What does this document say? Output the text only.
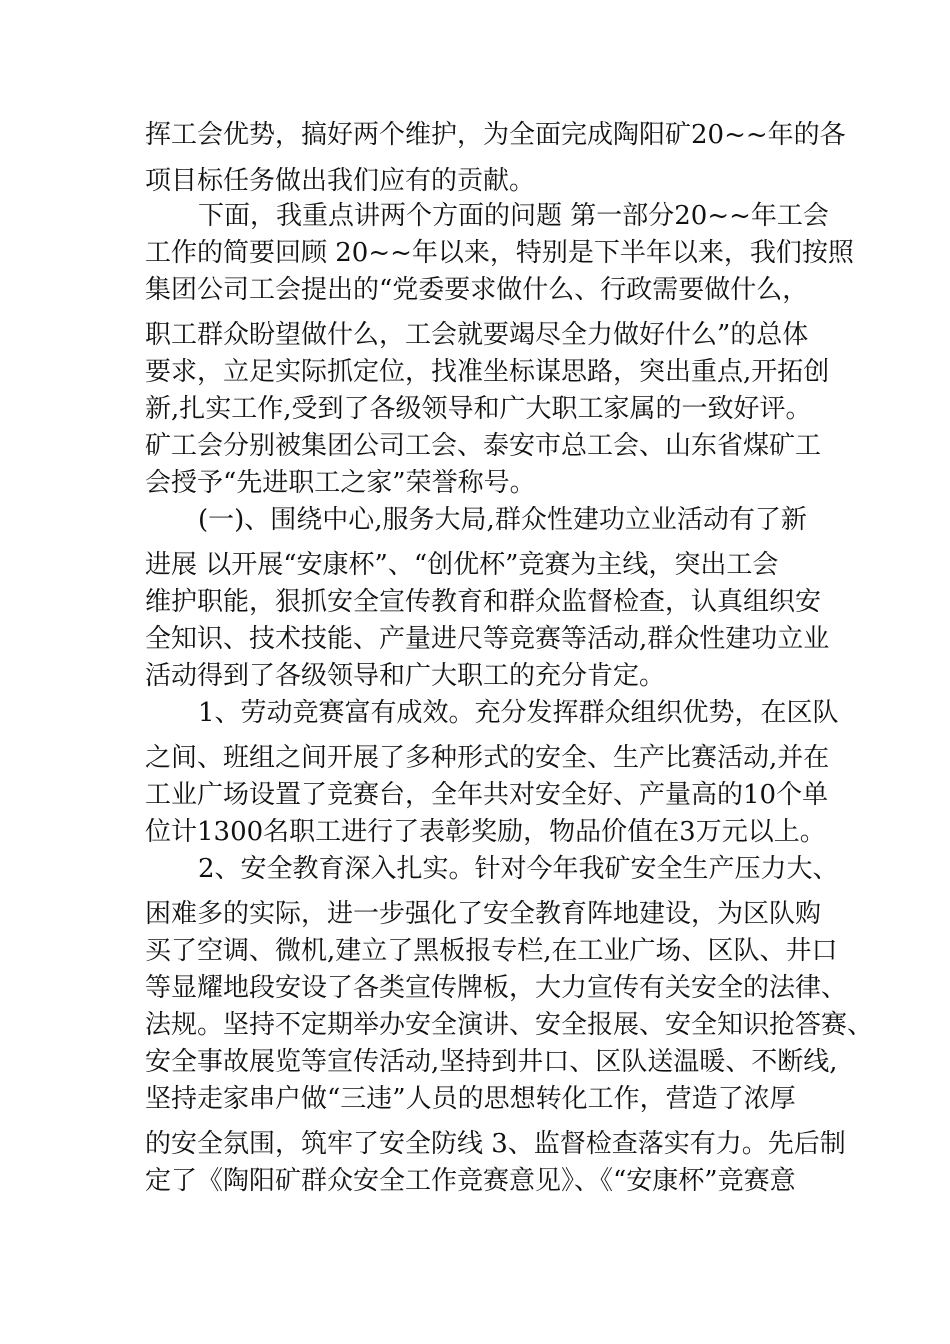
挥工会优势，搞好两个维护，为全面完成陶阳矿20~~年的各
项目标任务做出我们应有的贡献。
下面，我重点讲两个方面的问题 第一部分20~~年工会
工作的简要回顾 20~~年以来，特别是下半年以来，我们按照
集团公司工会提出的“党委要求做什么、行政需要做什么，
职工群众盼望做什么，工会就要竭尽全力做好什么”的总体
要求，立足实际抓定位，找准坐标谋思路，突出重点,开拓创
新,扎实工作,受到了各级领导和广大职工家属的一致好评。
矿工会分别被集团公司工会、泰安市总工会、山东省煤矿工
会授予“先进职工之家”荣誉称号。
(一)、围绕中心,服务大局,群众性建功立业活动有了新
进展 以开展“安康杯”、“创优杯”竞赛为主线，突出工会
维护职能，狠抓安全宣传教育和群众监督检查，认真组织安
全知识、技术技能、产量进尺等竞赛等活动,群众性建功立业
活动得到了各级领导和广大职工的充分肯定。
1、劳动竞赛富有成效。充分发挥群众组织优势，在区队
之间、班组之间开展了多种形式的安全、生产比赛活动,并在
工业广场设置了竞赛台，全年共对安全好、产量高的10个单
位计1300名职工进行了表彰奖励，物品价值在3万元以上。
2、安全教育深入扎实。针对今年我矿安全生产压力大、
困难多的实际，进一步强化了安全教育阵地建设，为区队购
买了空调、微机,建立了黑板报专栏,在工业广场、区队、井口
等显耀地段安设了各类宣传牌板，大力宣传有关安全的法律、
法规。坚持不定期举办安全演讲、安全报展、安全知识抢答赛、
安全事故展览等宣传活动,坚持到井口、区队送温暖、不断线,
坚持走家串户做“三违”人员的思想转化工作，营造了浓厚
的安全氛围，筑牢了安全防线 3、监督检查落实有力。先后制
定了《陶阳矿群众安全工作竞赛意见》、《“安康杯”竞赛意
